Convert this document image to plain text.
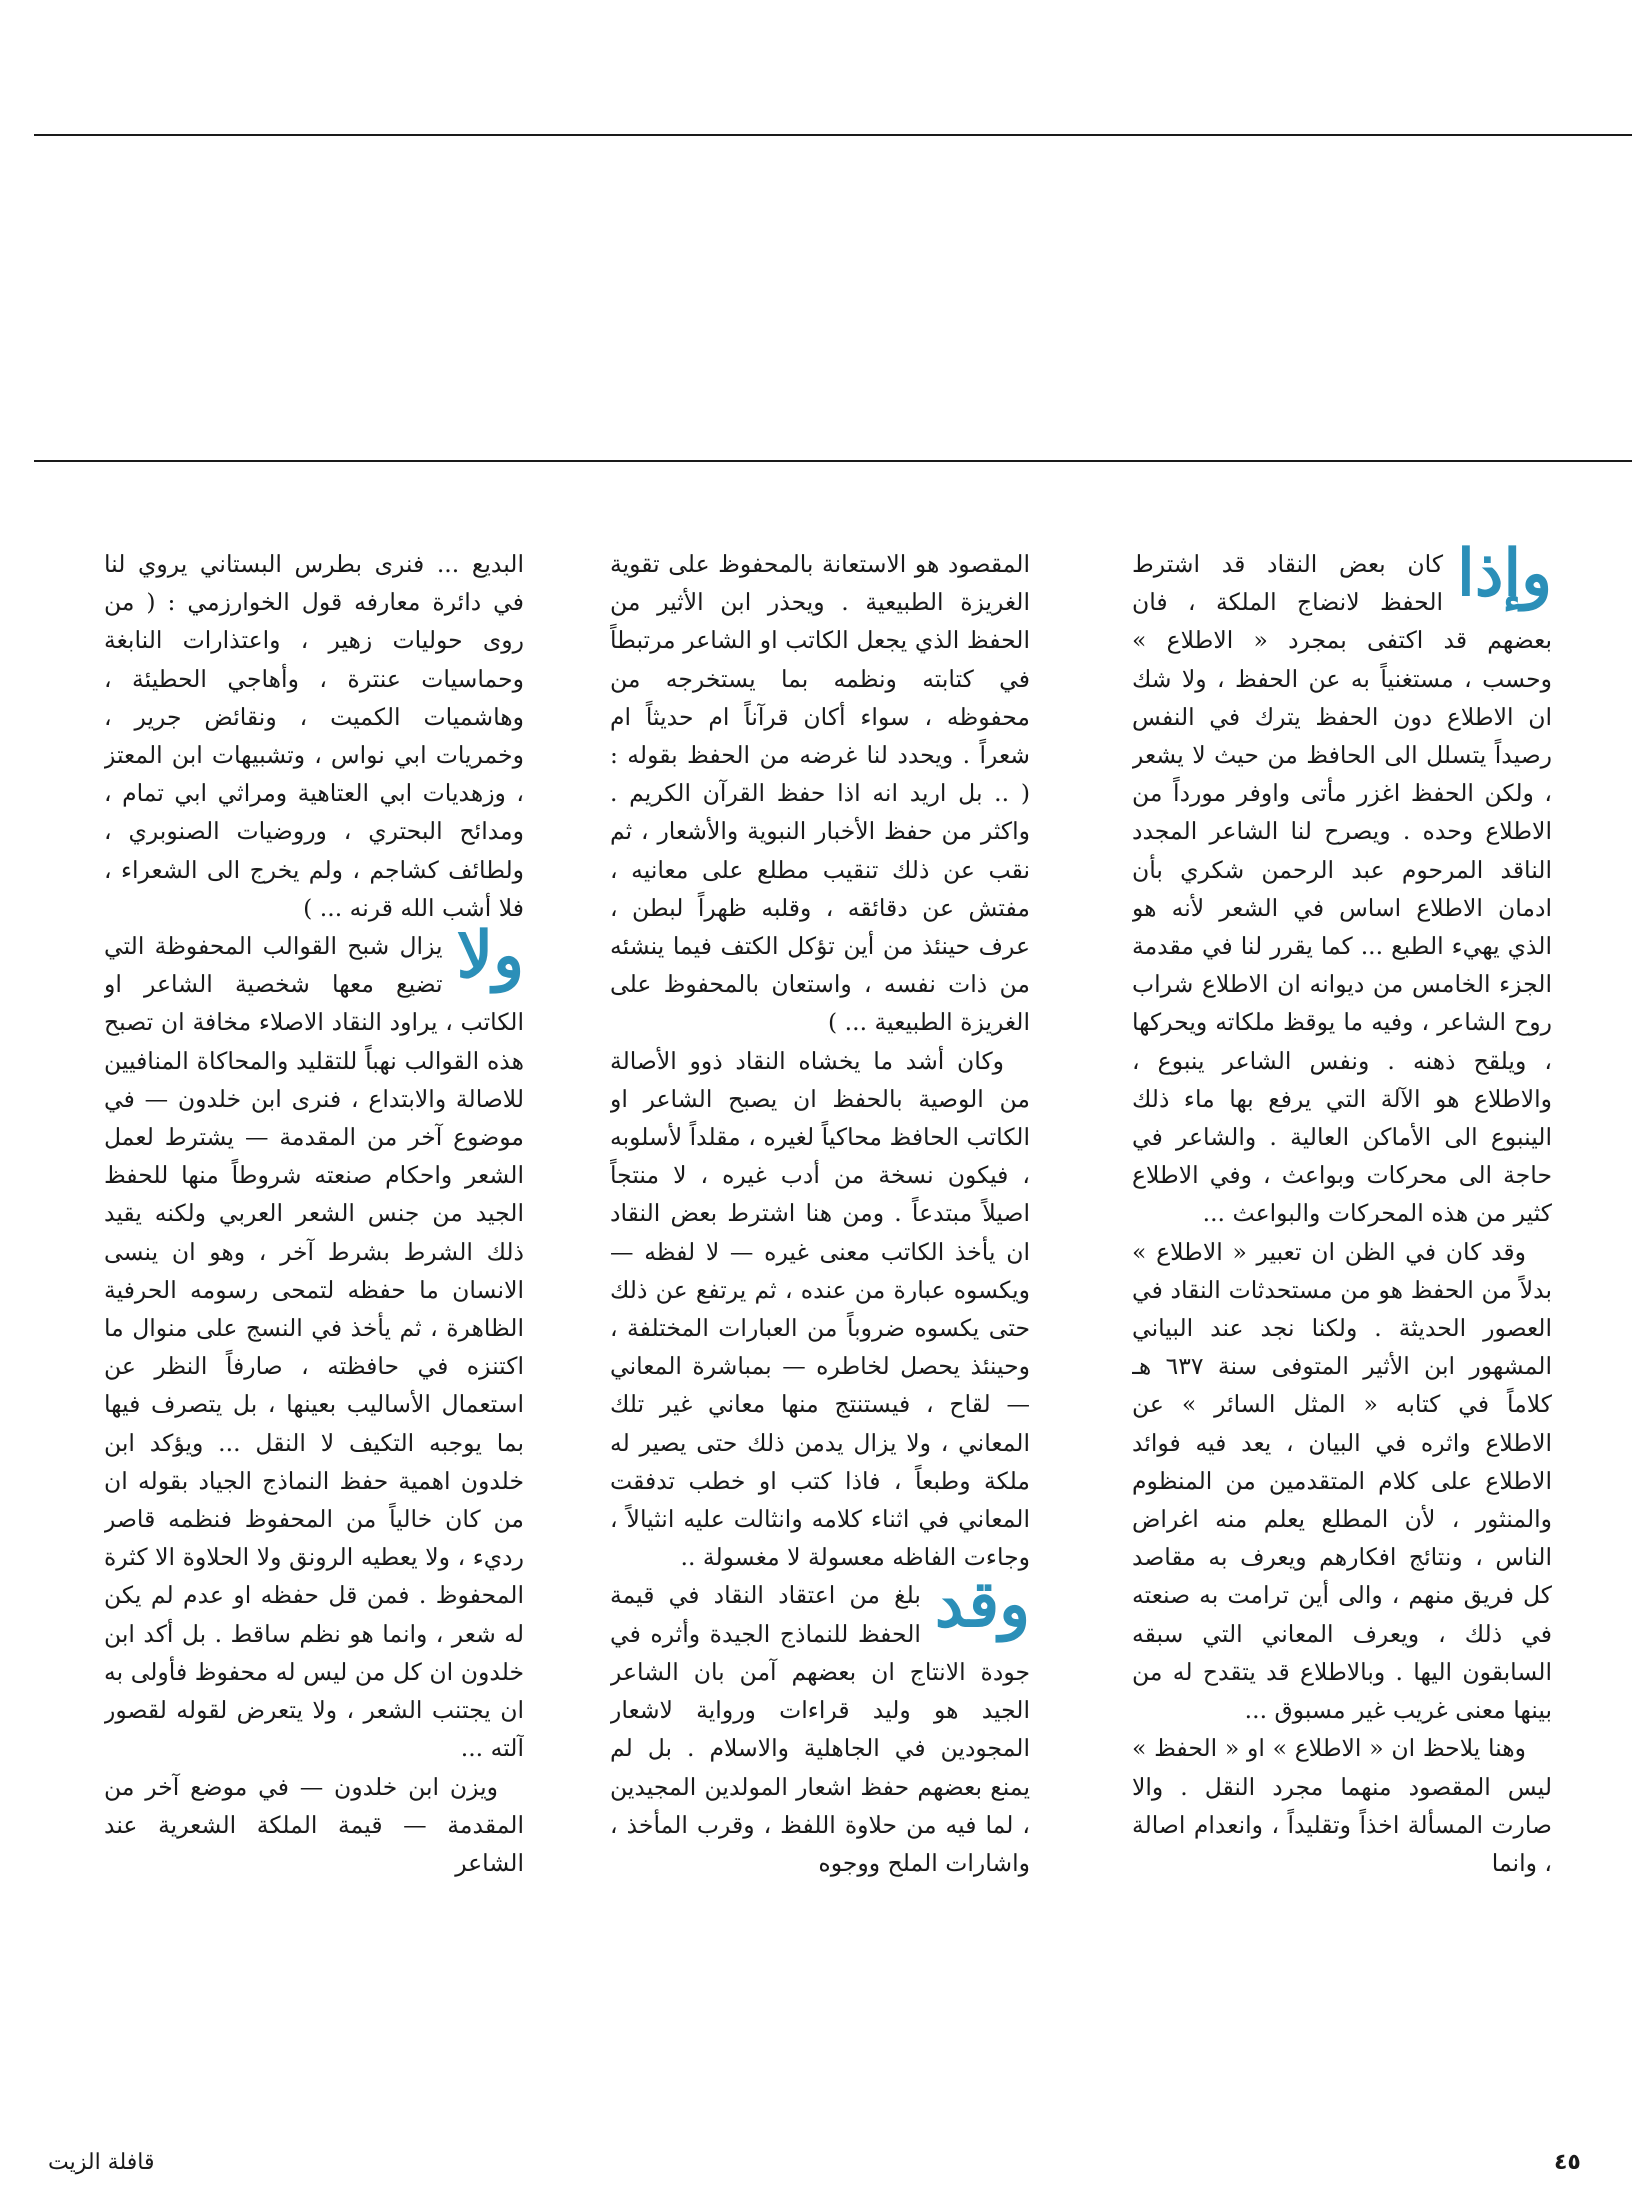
وإذا

كان بعض النقاد قد اشترط الحفظ لانضاج الملكة ، فان بعضهم قد اكتفى بمجرد « الاطلاع » وحسب ، مستغنياً به عن الحفظ ، ولا شك ان الاطلاع دون الحفظ يترك في النفس رصيداً يتسلل الى الحافظ من حيث لا يشعر ، ولكن الحفظ اغزر مأتى واوفر مورداً من الاطلاع وحده . ويصرح لنا الشاعر المجدد الناقد المرحوم عبد الرحمن شكري بأن ادمان الاطلاع اساس في الشعر لأنه هو الذي يهيء الطبع ... كما يقرر لنا في مقدمة الجزء الخامس من ديوانه ان الاطلاع شراب روح الشاعر ، وفيه ما يوقظ ملكاته ويحركها ، ويلقح ذهنه . ونفس الشاعر ينبوع ، والاطلاع هو الآلة التي يرفع بها ماء ذلك الينبوع الى الأماكن العالية . والشاعر في حاجة الى محركات وبواعث ، وفي الاطلاع كثير من هذه المحركات والبواعث ...

وقد كان في الظن ان تعبير « الاطلاع » بدلاً من الحفظ هو من مستحدثات النقاد في العصور الحديثة . ولكنا نجد عند البياني المشهور ابن الأثير المتوفى سنة ٦٣٧ هـ كلاماً في كتابه « المثل السائر » عن الاطلاع واثره في البيان ، يعد فيه فوائد الاطلاع على كلام المتقدمين من المنظوم والمنثور ، لأن المطلع يعلم منه اغراض الناس ، ونتائج افكارهم ويعرف به مقاصد كل فريق منهم ، والى أين ترامت به صنعته في ذلك ، ويعرف المعاني التي سبقه السابقون اليها . وبالاطلاع قد يتقدح له من بينها معنى غريب غير مسبوق ...

وهنا يلاحظ ان « الاطلاع » او « الحفظ » ليس المقصود منهما مجرد النقل . والا صارت المسألة اخذاً وتقليداً ، وانعدام اصالة ، وانما

المقصود هو الاستعانة بالمحفوظ على تقوية الغريزة الطبيعية . ويحذر ابن الأثير من الحفظ الذي يجعل الكاتب او الشاعر مرتبطاً في كتابته ونظمه بما يستخرجه من محفوظه ، سواء أكان قرآناً ام حديثاً ام شعراً . ويحدد لنا غرضه من الحفظ بقوله : ( .. بل اريد انه اذا حفظ القرآن الكريم . واكثر من حفظ الأخبار النبوية والأشعار ، ثم نقب عن ذلك تنقيب مطلع على معانيه ، مفتش عن دقائقه ، وقلبه ظهراً لبطن ، عرف حينئذ من أين تؤكل الكتف فيما ينشئه من ذات نفسه ، واستعان بالمحفوظ على الغريزة الطبيعية ... )

وكان أشد ما يخشاه النقاد ذوو الأصالة من الوصية بالحفظ ان يصبح الشاعر او الكاتب الحافظ محاكياً لغيره ، مقلداً لأسلوبه ، فيكون نسخة من أدب غيره ، لا منتجاً اصيلاً مبتدعاً . ومن هنا اشترط بعض النقاد ان يأخذ الكاتب معنى غيره — لا لفظه — ويكسوه عبارة من عنده ، ثم يرتفع عن ذلك حتى يكسوه ضروباً من العبارات المختلفة ، وحينئذ يحصل لخاطره — بمباشرة المعاني — لقاح ، فيستنتج منها معاني غير تلك المعاني ، ولا يزال يدمن ذلك حتى يصير له ملكة وطبعاً ، فاذا كتب او خطب تدفقت المعاني في اثناء كلامه وانثالت عليه انثيالاً ، وجاءت الفاظه معسولة لا مغسولة ..

وقد

بلغ من اعتقاد النقاد في قيمة الحفظ للنماذج الجيدة وأثره في جودة الانتاج ان بعضهم آمن بان الشاعر الجيد هو وليد قراءات ورواية لاشعار المجودين في الجاهلية والاسلام . بل لم يمنع بعضهم حفظ اشعار المولدين المجيدين ، لما فيه من حلاوة اللفظ ، وقرب المأخذ ، واشارات الملح ووجوه

البديع ... فنرى بطرس البستاني يروي لنا في دائرة معارفه قول الخوارزمي : ( من روى حوليات زهير ، واعتذارات النابغة وحماسيات عنترة ، وأهاجي الحطيئة ، وهاشميات الكميت ، ونقائض جرير ، وخمريات ابي نواس ، وتشبيهات ابن المعتز ، وزهديات ابي العتاهية ومراثي ابي تمام ، ومدائح البحتري ، وروضيات الصنوبري ، ولطائف كشاجم ، ولم يخرج الى الشعراء ، فلا أشب الله قرنه ... )

ولا

يزال شبح القوالب المحفوظة التي تضيع معها شخصية الشاعر او الكاتب ، يراود النقاد الاصلاء مخافة ان تصبح هذه القوالب نهباً للتقليد والمحاكاة المنافيين للاصالة والابتداع ، فنرى ابن خلدون — في موضوع آخر من المقدمة — يشترط لعمل الشعر واحكام صنعته شروطاً منها للحفظ الجيد من جنس الشعر العربي ولكنه يقيد ذلك الشرط بشرط آخر ، وهو ان ينسى الانسان ما حفظه لتمحى رسومه الحرفية الظاهرة ، ثم يأخذ في النسج على منوال ما اكتنزه في حافظته ، صارفاً النظر عن استعمال الأساليب بعينها ، بل يتصرف فيها بما يوجبه التكيف لا النقل ... ويؤكد ابن خلدون اهمية حفظ النماذج الجياد بقوله ان من كان خالياً من المحفوظ فنظمه قاصر رديء ، ولا يعطيه الرونق ولا الحلاوة الا كثرة المحفوظ . فمن قل حفظه او عدم لم يكن له شعر ، وانما هو نظم ساقط . بل أكد ابن خلدون ان كل من ليس له محفوظ فأولى به ان يجتنب الشعر ، ولا يتعرض لقوله لقصور آلته ...

ويزن ابن خلدون — في موضع آخر من المقدمة — قيمة الملكة الشعرية عند الشاعر

٤٥
قافلة الزيت
